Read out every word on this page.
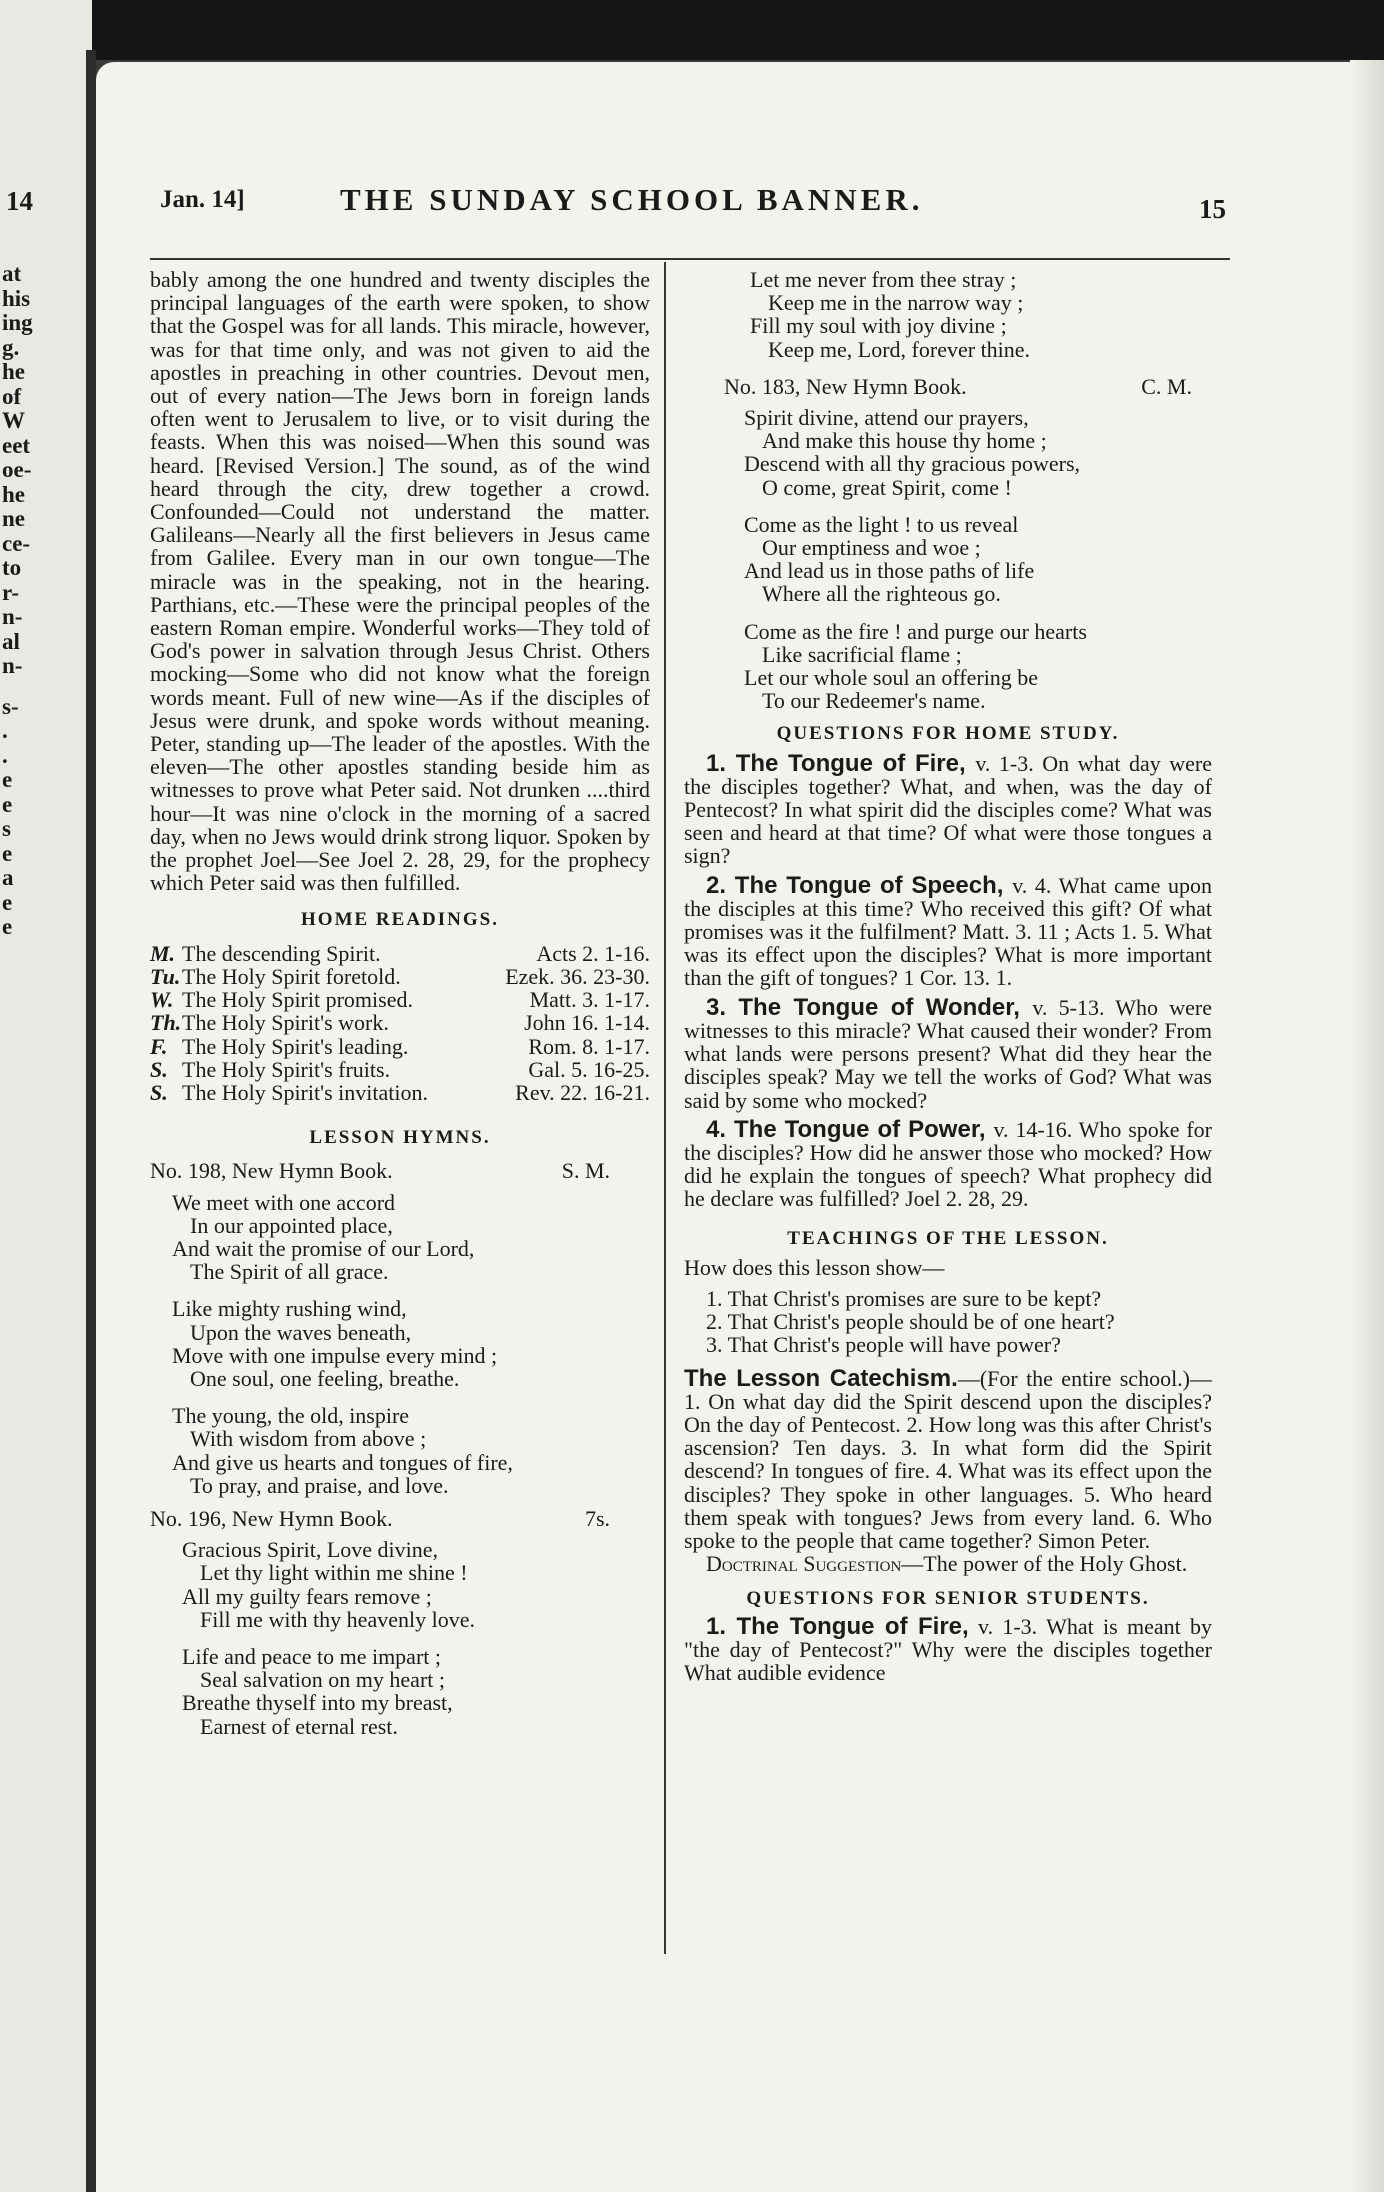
14
at
his
ing
g.
he
of
W
eet
oe-
he
ne
ce-
to
r-
n-
al
n-
s-
.
.
e
e
s
e
a
e
e
Jan. 14]	THE SUNDAY SCHOOL BANNER.	15

bably among the one hundred and twenty disciples the principal languages of the earth were spoken, to show that the Gospel was for all lands. This miracle, however, was for that time only, and was not given to aid the apostles in preaching in other countries. Devout men, out of every nation—The Jews born in foreign lands often went to Jerusalem to live, or to visit during the feasts. When this was noised—When this sound was heard. [Revised Version.] The sound, as of the wind heard through the city, drew together a crowd. Confounded—Could not understand the matter. Galileans—Nearly all the first believers in Jesus came from Galilee. Every man in our own tongue—The miracle was in the speaking, not in the hearing. Parthians, etc.—These were the principal peoples of the eastern Roman empire. Wonderful works—They told of God's power in salvation through Jesus Christ. Others mocking—Some who did not know what the foreign words meant. Full of new wine—As if the disciples of Jesus were drunk, and spoke words without meaning. Peter, standing up—The leader of the apostles. With the eleven—The other apostles standing beside him as witnesses to prove what Peter said. Not drunken ....third hour—It was nine o'clock in the morning of a sacred day, when no Jews would drink strong liquor. Spoken by the prophet Joel—See Joel 2. 28, 29, for the prophecy which Peter said was then fulfilled.

HOME READINGS.
M. The descending Spirit.	Acts 2. 1-16.
Tu. The Holy Spirit foretold.	Ezek. 36. 23-30.
W. The Holy Spirit promised.	Matt. 3. 1-17.
Th. The Holy Spirit's work.	John 16. 1-14.
F. The Holy Spirit's leading.	Rom. 8. 1-17.
S. The Holy Spirit's fruits.	Gal. 5. 16-25.
S. The Holy Spirit's invitation.	Rev. 22. 16-21.
LESSON HYMNS.
No. 198, New Hymn Book.	S. M.
We meet with one accord
In our appointed place,
And wait the promise of our Lord,
The Spirit of all grace.
Like mighty rushing wind,
Upon the waves beneath,
Move with one impulse every mind ;
One soul, one feeling, breathe.
The young, the old, inspire
With wisdom from above ;
And give us hearts and tongues of fire,
To pray, and praise, and love.
No. 196, New Hymn Book.	7s.
Gracious Spirit, Love divine,
Let thy light within me shine !
All my guilty fears remove ;
Fill me with thy heavenly love.
Life and peace to me impart ;
Seal salvation on my heart ;
Breathe thyself into my breast,
Earnest of eternal rest.
Let me never from thee stray ;
Keep me in the narrow way ;
Fill my soul with joy divine ;
Keep me, Lord, forever thine.
No. 183, New Hymn Book.	C. M.
Spirit divine, attend our prayers,
And make this house thy home ;
Descend with all thy gracious powers,
O come, great Spirit, come !
Come as the light ! to us reveal
Our emptiness and woe ;
And lead us in those paths of life
Where all the righteous go.
Come as the fire ! and purge our hearts
Like sacrificial flame ;
Let our whole soul an offering be
To our Redeemer's name.
QUESTIONS FOR HOME STUDY.

1. The Tongue of Fire, v. 1-3. On what day were the disciples together? What, and when, was the day of Pentecost? In what spirit did the disciples come? What was seen and heard at that time? Of what were those tongues a sign?

2. The Tongue of Speech, v. 4. What came upon the disciples at this time? Who received this gift? Of what promises was it the fulfilment? Matt. 3. 11 ; Acts 1. 5. What was its effect upon the disciples? What is more important than the gift of tongues? 1 Cor. 13. 1.

3. The Tongue of Wonder, v. 5-13. Who were witnesses to this miracle? What caused their wonder? From what lands were persons present? What did they hear the disciples speak? May we tell the works of God? What was said by some who mocked?

4. The Tongue of Power, v. 14-16. Who spoke for the disciples? How did he answer those who mocked? How did he explain the tongues of speech? What prophecy did he declare was fulfilled? Joel 2. 28, 29.

TEACHINGS OF THE LESSON.
How does this lesson show—
1. That Christ's promises are sure to be kept?
2. That Christ's people should be of one heart?
3. That Christ's people will have power?

The Lesson Catechism.—(For the entire school.)—1. On what day did the Spirit descend upon the disciples? On the day of Pentecost. 2. How long was this after Christ's ascension? Ten days. 3. In what form did the Spirit descend? In tongues of fire. 4. What was its effect upon the disciples? They spoke in other languages. 5. Who heard them speak with tongues? Jews from every land. 6. Who spoke to the people that came together? Simon Peter.

Doctrinal Suggestion—The power of the Holy Ghost.

QUESTIONS FOR SENIOR STUDENTS.

1. The Tongue of Fire, v. 1-3. What is meant by "the day of Pentecost?" Why were the disciples together What audible evidence
